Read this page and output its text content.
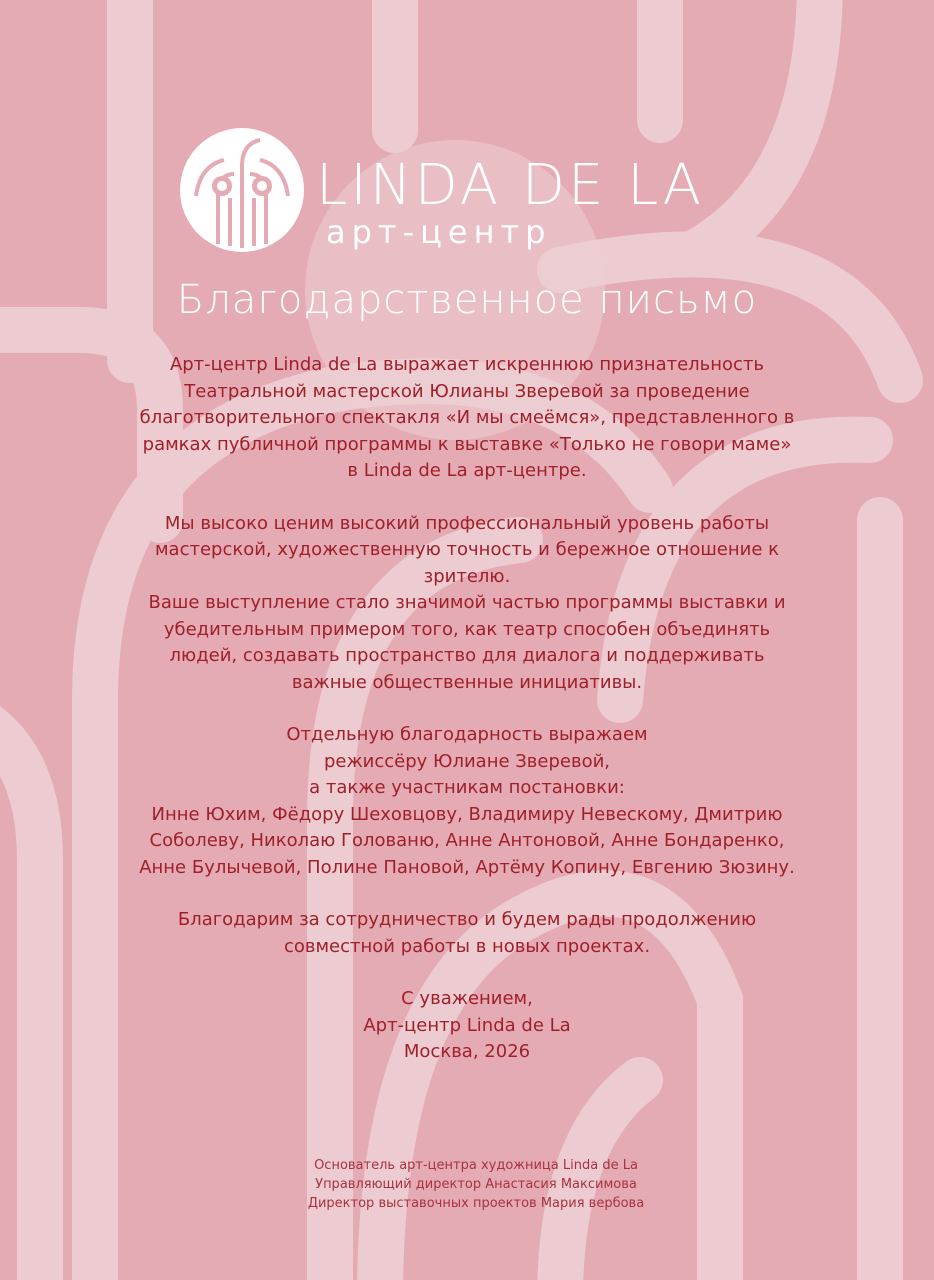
LINDA DE LA
арт-центр
Благодарственное письмо
Арт-центр Linda de La выражает искреннюю признательность
Театральной мастерской Юлианы Зверевой за проведение
благотворительного спектакля «И мы смеёмся», представленного в
рамках публичной программы к выставке «Только не говори маме»
в Linda de La арт-центре.
Мы высоко ценим высокий профессиональный уровень работы
мастерской, художественную точность и бережное отношение к
зрителю.
Ваше выступление стало значимой частью программы выставки и
убедительным примером того, как театр способен объединять
людей, создавать пространство для диалога и поддерживать
важные общественные инициативы.
Отдельную благодарность выражаем
режиссёру Юлиане Зверевой,
а также участникам постановки:
Инне Юхим, Фёдору Шеховцову, Владимиру Невескому, Дмитрию
Соболеву, Николаю Голованю, Анне Антоновой, Анне Бондаренко,
Анне Булычевой, Полине Пановой, Артёму Копину, Евгению Зюзину.
Благодарим за сотрудничество и будем рады продолжению
совместной работы в новых проектах.
С уважением,
Арт-центр Linda de La
Москва, 2026
Основатель арт-центра художница Linda de La
Управляющий директор Анастасия Максимова
Директор выставочных проектов Мария вербова
